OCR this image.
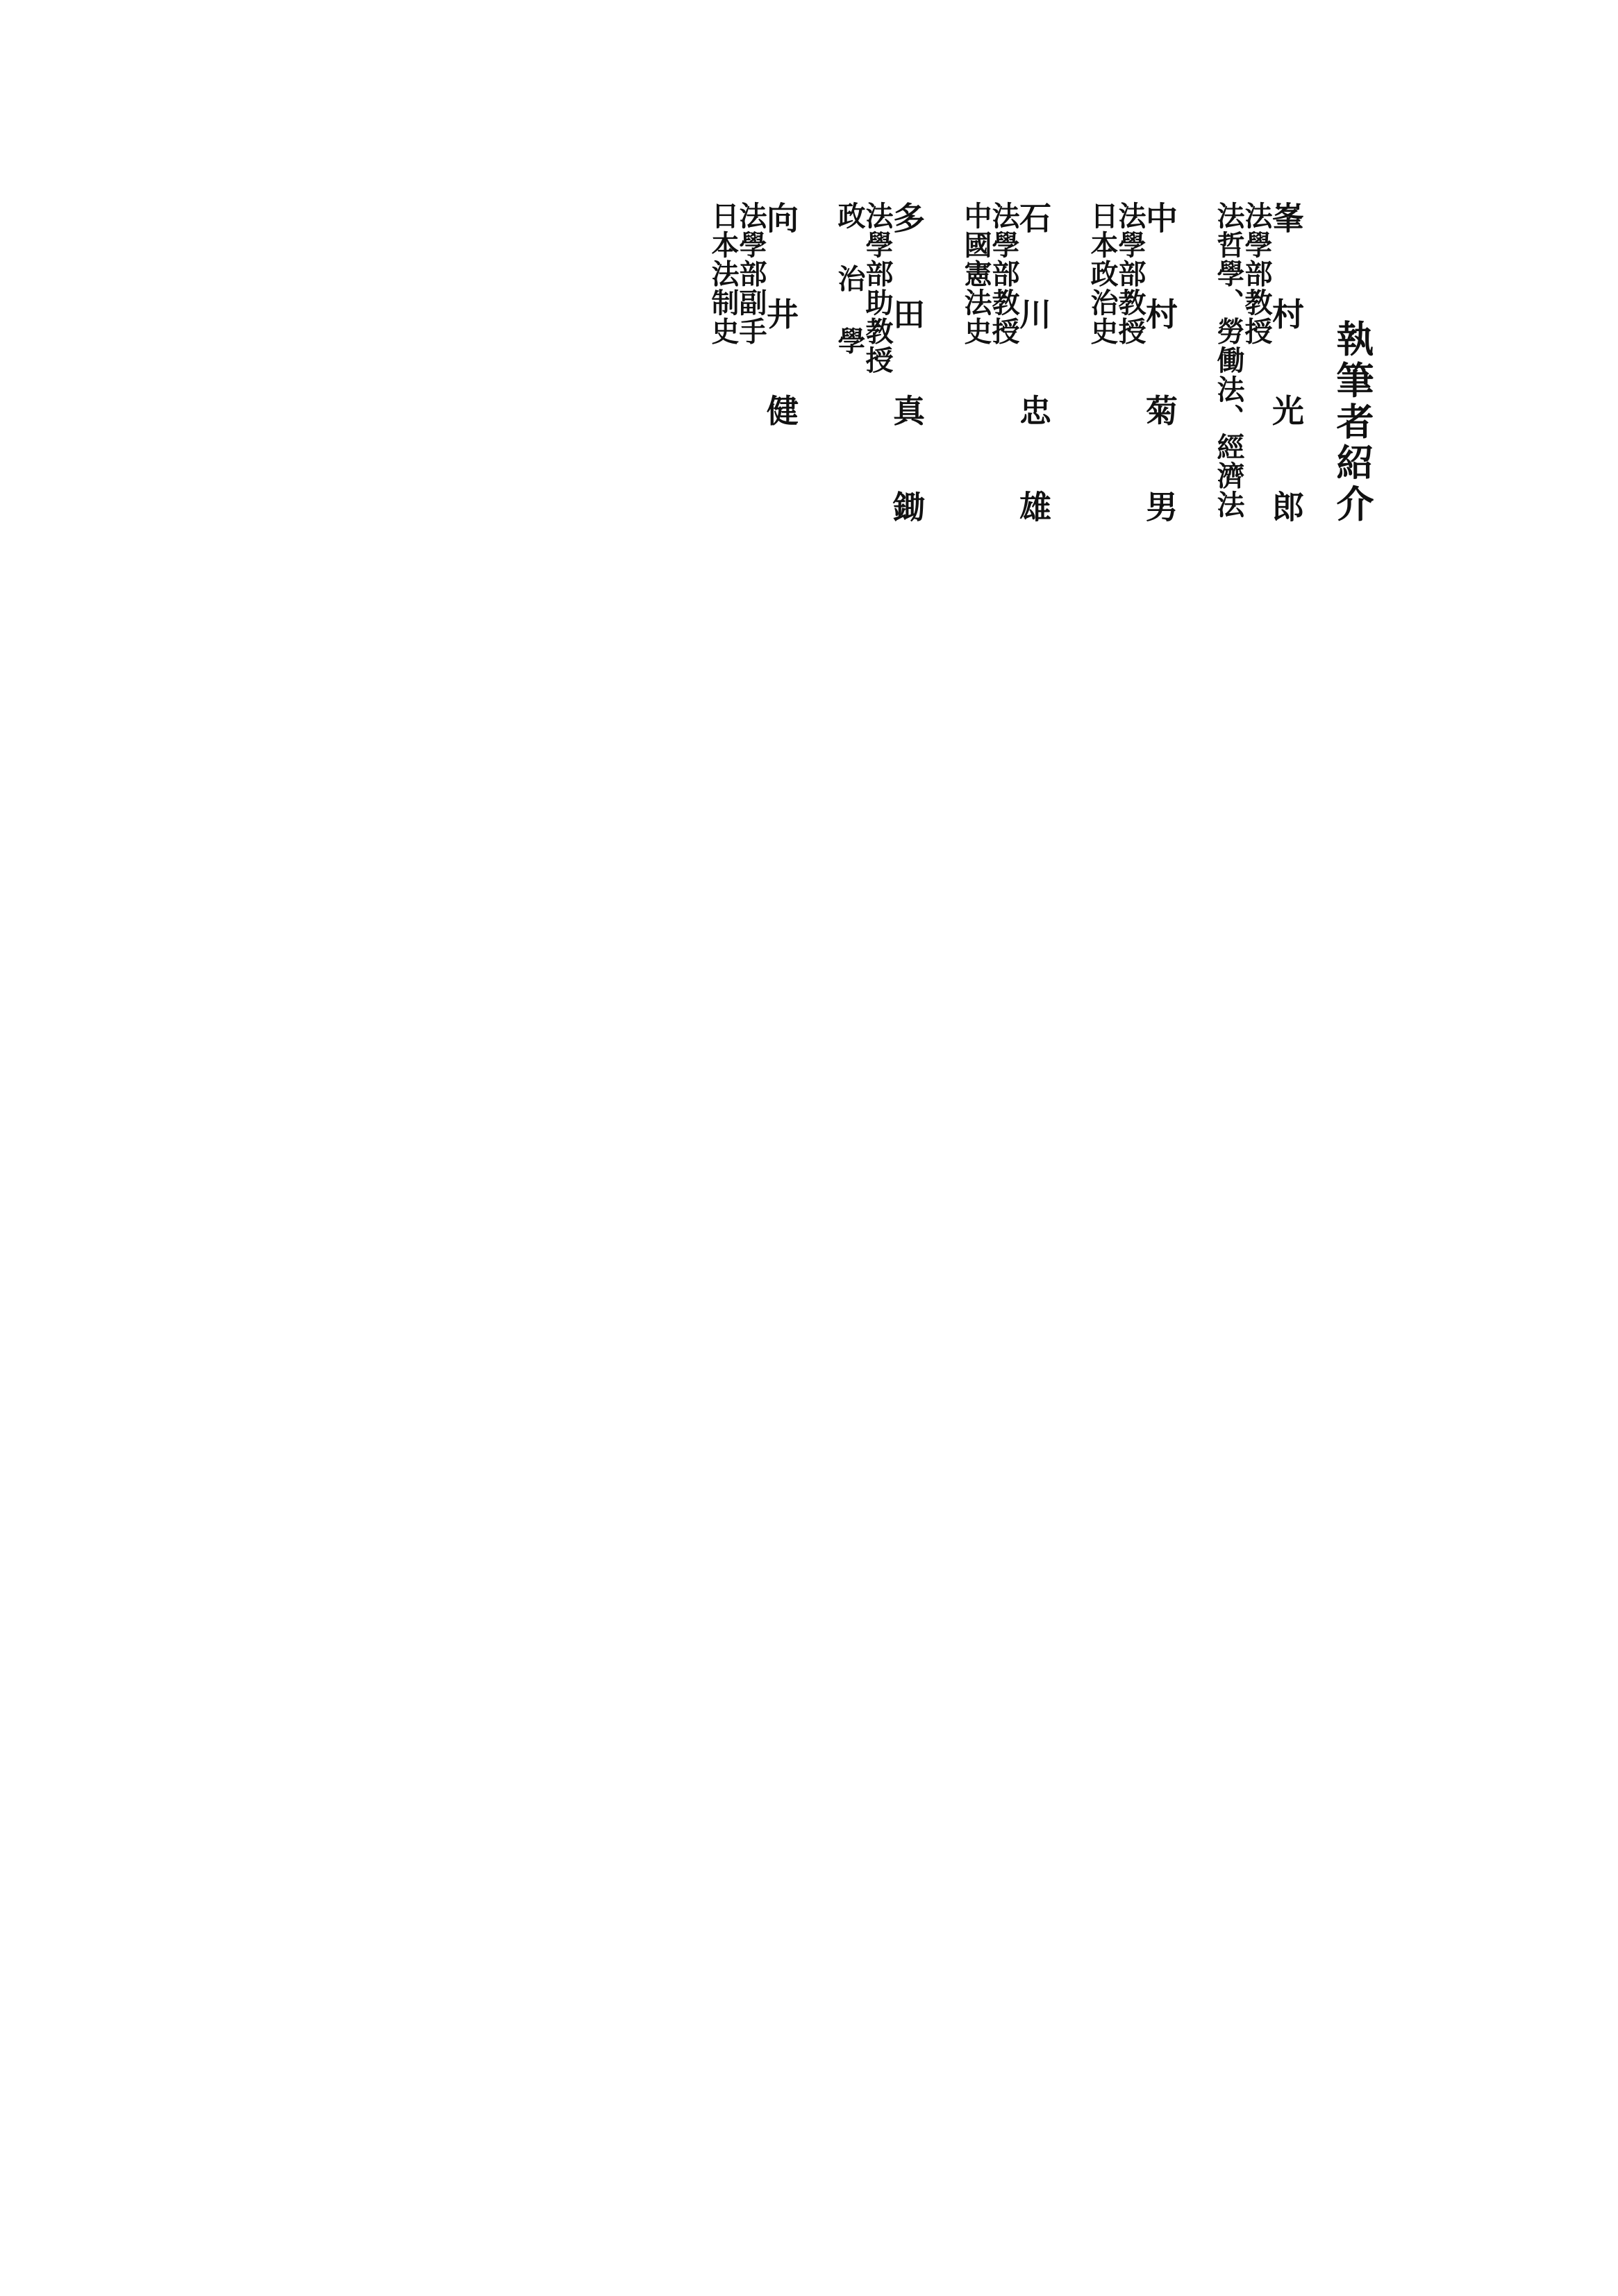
執筆者紹介
峯 村 光 郎
法學部教授
法哲學、勞働法、經濟法
中 村 菊 男
法學部教授
日本政治史
石 川 忠 雄
法學部教授
中國憲法史
多 田 真 鋤
法學部助教授
政 治 學
向 井 健
法學部副手
日本法制史
